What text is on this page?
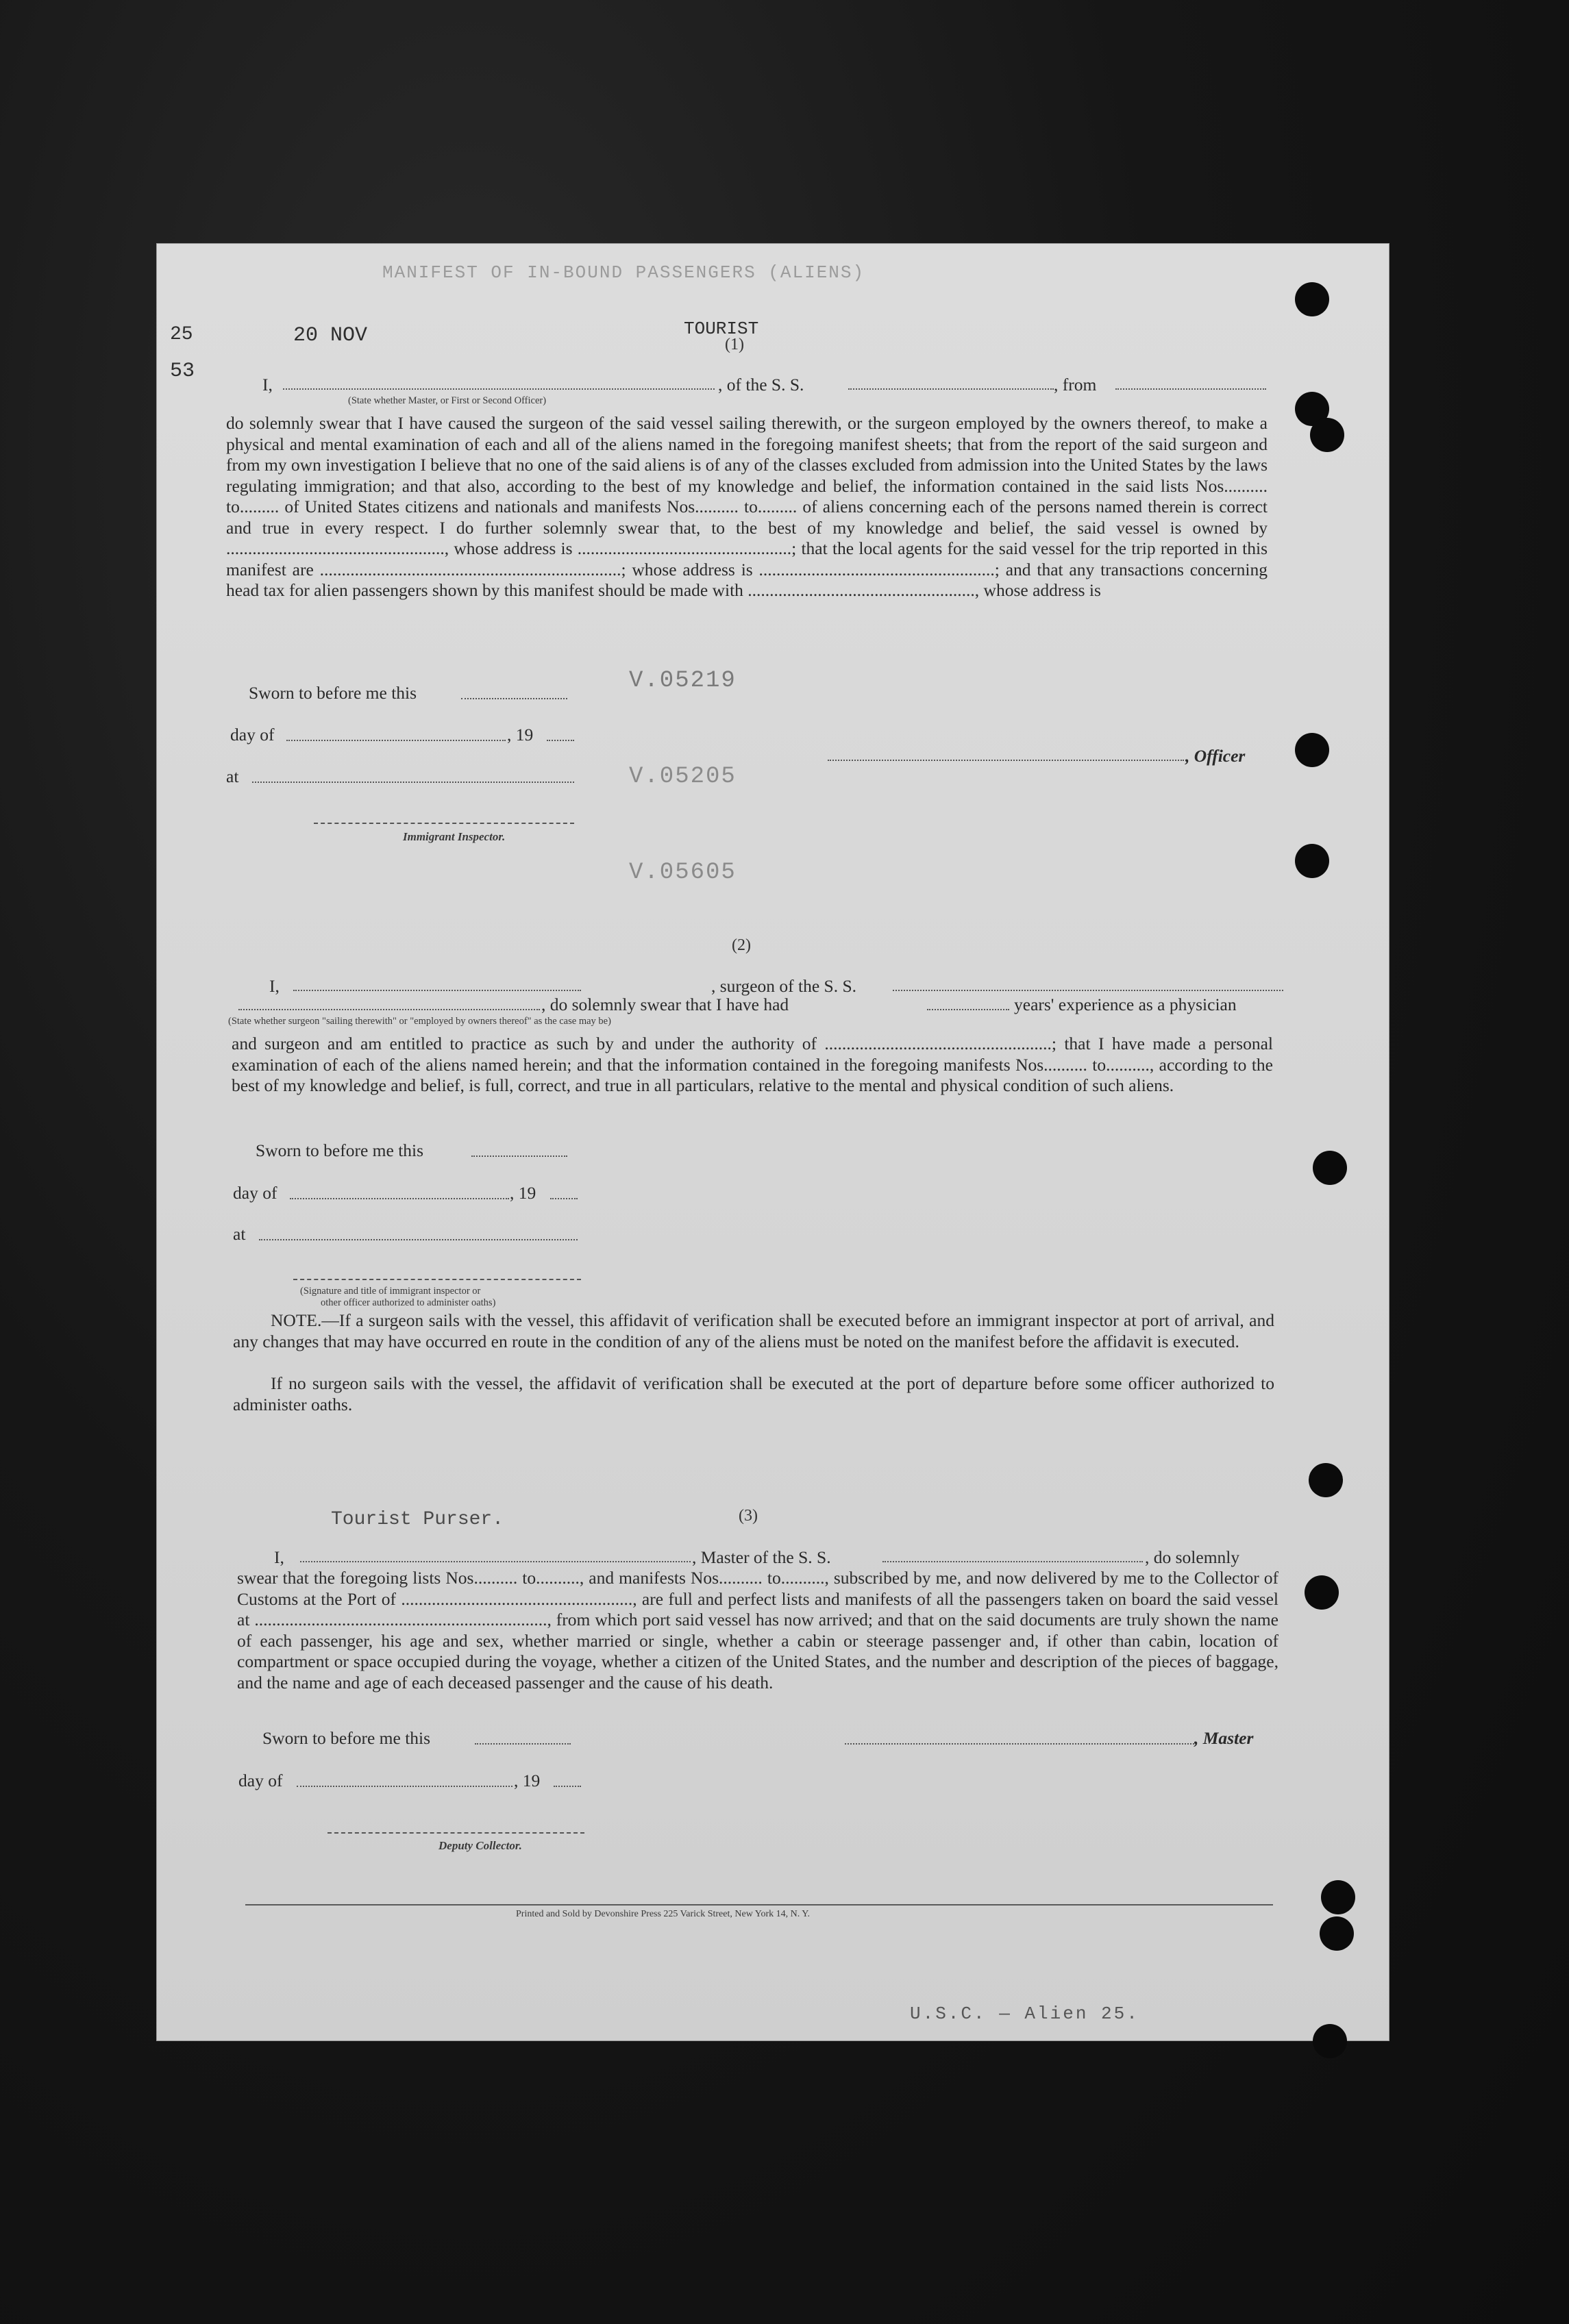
MANIFEST OF IN-BOUND PASSENGERS (ALIENS)
V.05219
V.05205
V.05605
20 NOV	TOURIST
25
53
(1)
I,	, of the S. S.	, from
(State whether Master, or First or Second Officer)
do solemnly swear that I have caused the surgeon of the said vessel sailing therewith, or the surgeon employed by the owners thereof, to make a physical and mental examination of each and all of the aliens named in the foregoing manifest sheets; that from the report of the said surgeon and from my own investigation I believe that no one of the said aliens is of any of the classes excluded from admission into the United States by the laws regulating immigration; and that also, according to the best of my knowledge and belief, the information contained in the said lists Nos.......... to......... of United States citizens and nationals and manifests Nos.......... to......... of aliens concerning each of the persons named therein is correct and true in every respect. I do further solemnly swear that, to the best of my knowledge and belief, the said vessel is owned by .................................................., whose address is .................................................; that the local agents for the said vessel for the trip reported in this manifest are .....................................................................; whose address is ......................................................; and that any transactions concerning head tax for alien passengers shown by this manifest should be made with ...................................................., whose address is
Sworn to before me this
day of	, 19
at
, Officer
Immigrant Inspector.
(2)
I,	, surgeon of the S. S.
, do solemnly swear that I have had	years' experience as a physician
(State whether surgeon "sailing therewith" or "employed by owners thereof" as the case may be)
and surgeon and am entitled to practice as such by and under the authority of ....................................................; that I have made a personal examination of each of the aliens named herein; and that the information contained in the foregoing manifests Nos.......... to.........., according to the best of my knowledge and belief, is full, correct, and true in all particulars, relative to the mental and physical condition of such aliens.
Sworn to before me this
day of	, 19
at
(Signature and title of immigrant inspector or
other officer authorized to administer oaths)
NOTE.—If a surgeon sails with the vessel, this affidavit of verification shall be executed before an immigrant inspector at port of arrival, and any changes that may have occurred en route in the condition of any of the aliens must be noted on the manifest before the affidavit is executed.
If no surgeon sails with the vessel, the affidavit of verification shall be executed at the port of departure before some officer authorized to administer oaths.
Tourist Purser.	(3)
I,	, Master of the S. S.	, do solemnly
swear that the foregoing lists Nos.......... to.........., and manifests Nos.......... to.........., subscribed by me, and now delivered by me to the Collector of Customs at the Port of ....................................................., are full and perfect lists and manifests of all the passengers taken on board the said vessel at ..................................................................., from which port said vessel has now arrived; and that on the said documents are truly shown the name of each passenger, his age and sex, whether married or single, whether a cabin or steerage passenger and, if other than cabin, location of compartment or space occupied during the voyage, whether a citizen of the United States, and the number and description of the pieces of baggage, and the name and age of each deceased passenger and the cause of his death.
Sworn to before me this	, Master
day of	, 19
Deputy Collector.
Printed and Sold by Devonshire Press 225 Varick Street, New York 14, N. Y.
U.S.C. — Alien 25.
